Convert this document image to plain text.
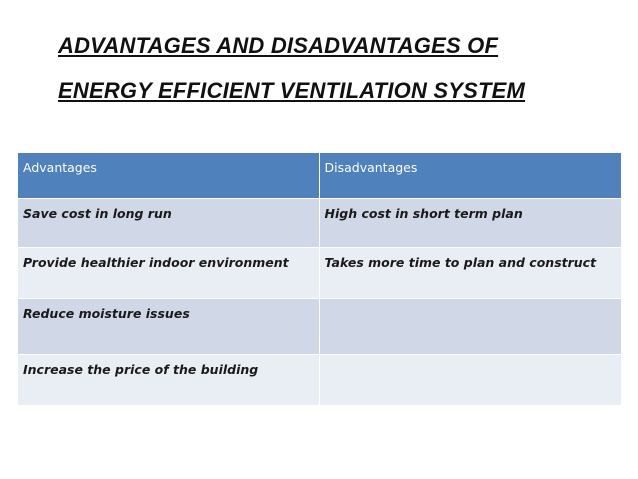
ADVANTAGES AND DISADVANTAGES OF
ENERGY EFFICIENT VENTILATION SYSTEM
Advantages	Disadvantages
Save cost in long run	High cost in short term plan
Provide healthier indoor environment	Takes more time to plan and construct
Reduce moisture issues	
Increase the price of the building	
